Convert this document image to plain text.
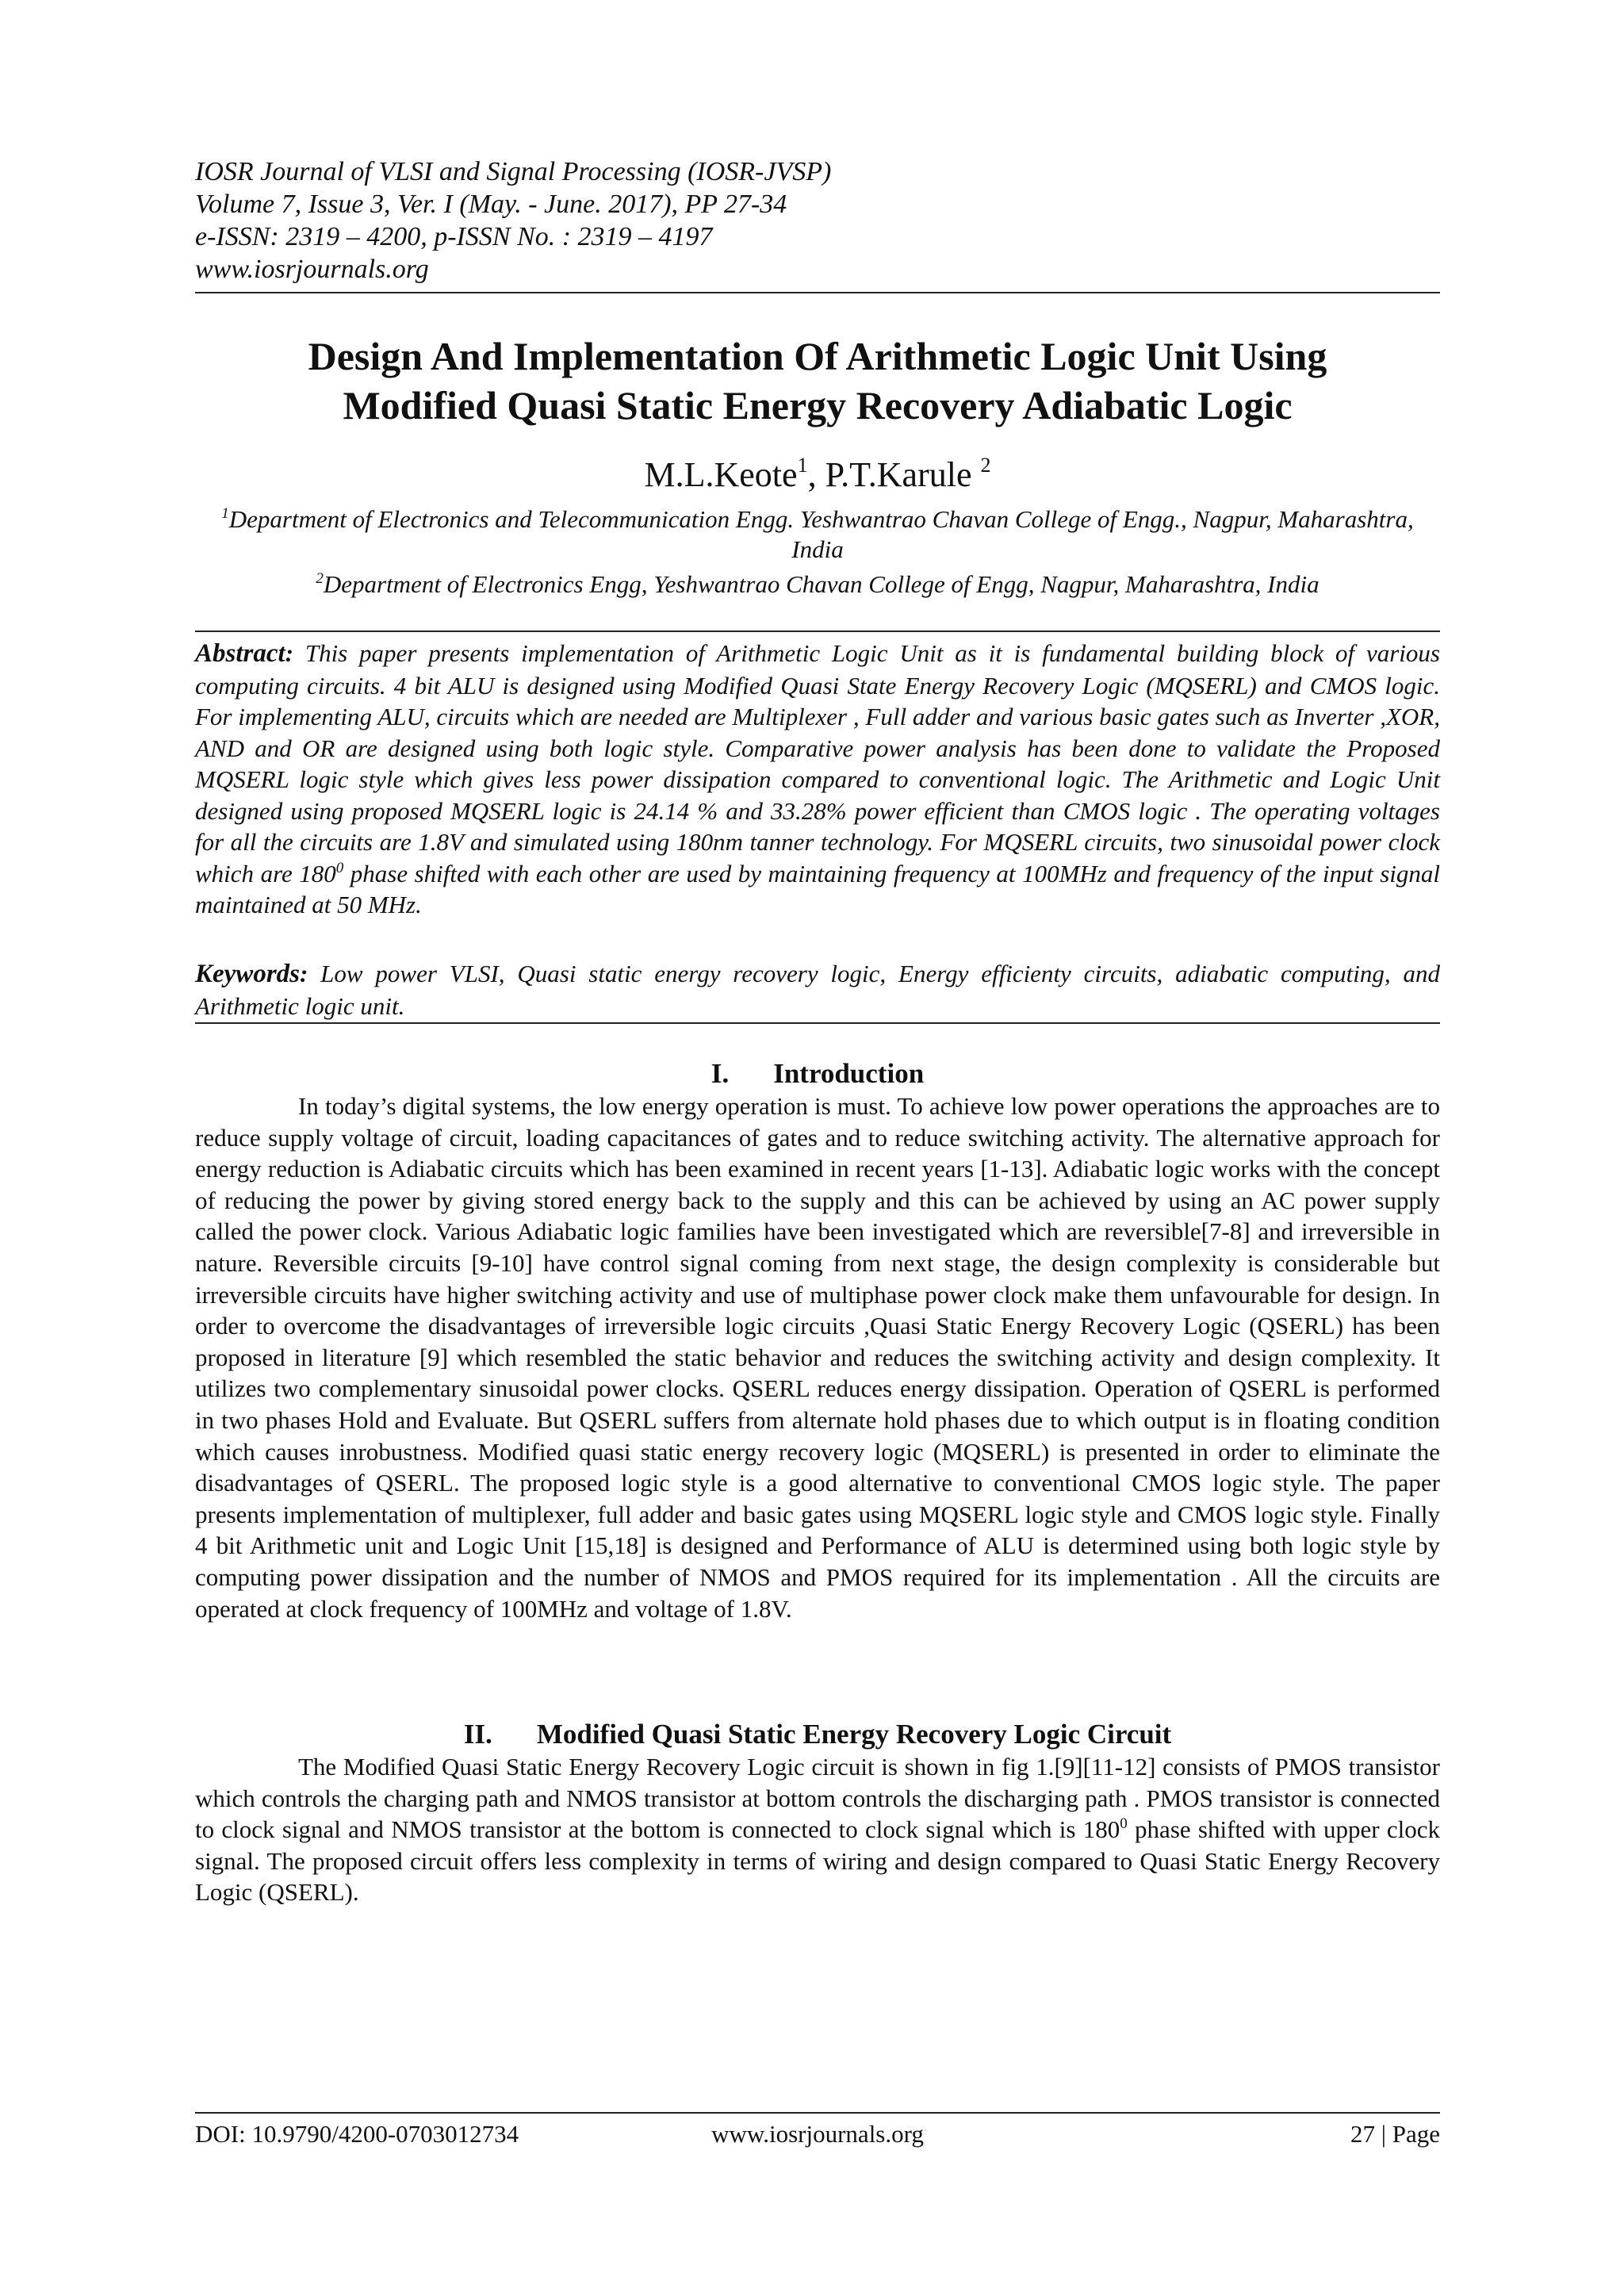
IOSR Journal of VLSI and Signal Processing (IOSR-JVSP)
Volume 7, Issue 3, Ver. I (May. - June. 2017), PP 27-34
e-ISSN: 2319 – 4200, p-ISSN No. : 2319 – 4197
www.iosrjournals.org
Design And Implementation Of Arithmetic Logic Unit Using
Modified Quasi Static Energy Recovery Adiabatic Logic
M.L.Keote$^1$, P.T.Karule $^2$
$^1$Department of Electronics and Telecommunication Engg. Yeshwantrao Chavan College of Engg., Nagpur, Maharashtra, India
$^2$Department of Electronics Engg, Yeshwantrao Chavan College of Engg, Nagpur, Maharashtra, India
Abstract: This paper presents implementation of Arithmetic Logic Unit as it is fundamental building block of various computing circuits. 4 bit ALU is designed using Modified Quasi State Energy Recovery Logic (MQSERL) and CMOS logic. For implementing ALU, circuits which are needed are Multiplexer , Full adder and various basic gates such as Inverter ,XOR, AND and OR are designed using both logic style. Comparative power analysis has been done to validate the Proposed MQSERL logic style which gives less power dissipation compared to conventional logic. The Arithmetic and Logic Unit designed using proposed MQSERL logic is 24.14 % and 33.28% power efficient than CMOS logic . The operating voltages for all the circuits are 1.8V and simulated using 180nm tanner technology. For MQSERL circuits, two sinusoidal power clock which are $180^0$ phase shifted with each other are used by maintaining frequency at 100MHz and frequency of the input signal maintained at 50 MHz.
Keywords: Low power VLSI, Quasi static energy recovery logic, Energy efficienty circuits, adiabatic computing, and Arithmetic logic unit.
I. Introduction
In today’s digital systems, the low energy operation is must. To achieve low power operations the approaches are to reduce supply voltage of circuit, loading capacitances of gates and to reduce switching activity. The alternative approach for energy reduction is Adiabatic circuits which has been examined in recent years [1-13]. Adiabatic logic works with the concept of reducing the power by giving stored energy back to the supply and this can be achieved by using an AC power supply called the power clock. Various Adiabatic logic families have been investigated which are reversible[7-8] and irreversible in nature. Reversible circuits [9-10] have control signal coming from next stage, the design complexity is considerable but irreversible circuits have higher switching activity and use of multiphase power clock make them unfavourable for design. In order to overcome the disadvantages of irreversible logic circuits ,Quasi Static Energy Recovery Logic (QSERL) has been proposed in literature [9] which resembled the static behavior and reduces the switching activity and design complexity. It utilizes two complementary sinusoidal power clocks. QSERL reduces energy dissipation. Operation of QSERL is performed in two phases Hold and Evaluate. But QSERL suffers from alternate hold phases due to which output is in floating condition which causes inrobustness. Modified quasi static energy recovery logic (MQSERL) is presented in order to eliminate the disadvantages of QSERL. The proposed logic style is a good alternative to conventional CMOS logic style. The paper presents implementation of multiplexer, full adder and basic gates using MQSERL logic style and CMOS logic style. Finally 4 bit Arithmetic unit and Logic Unit [15,18] is designed and Performance of ALU is determined using both logic style by computing power dissipation and the number of NMOS and PMOS required for its implementation . All the circuits are operated at clock frequency of 100MHz and voltage of 1.8V.
II. Modified Quasi Static Energy Recovery Logic Circuit
The Modified Quasi Static Energy Recovery Logic circuit is shown in fig 1.[9][11-12] consists of PMOS transistor which controls the charging path and NMOS transistor at bottom controls the discharging path . PMOS transistor is connected to clock signal and NMOS transistor at the bottom is connected to clock signal which is $180^0$ phase shifted with upper clock signal. The proposed circuit offers less complexity in terms of wiring and design compared to Quasi Static Energy Recovery Logic (QSERL).
DOI: 10.9790/4200-0703012734	www.iosrjournals.org	27 | Page
